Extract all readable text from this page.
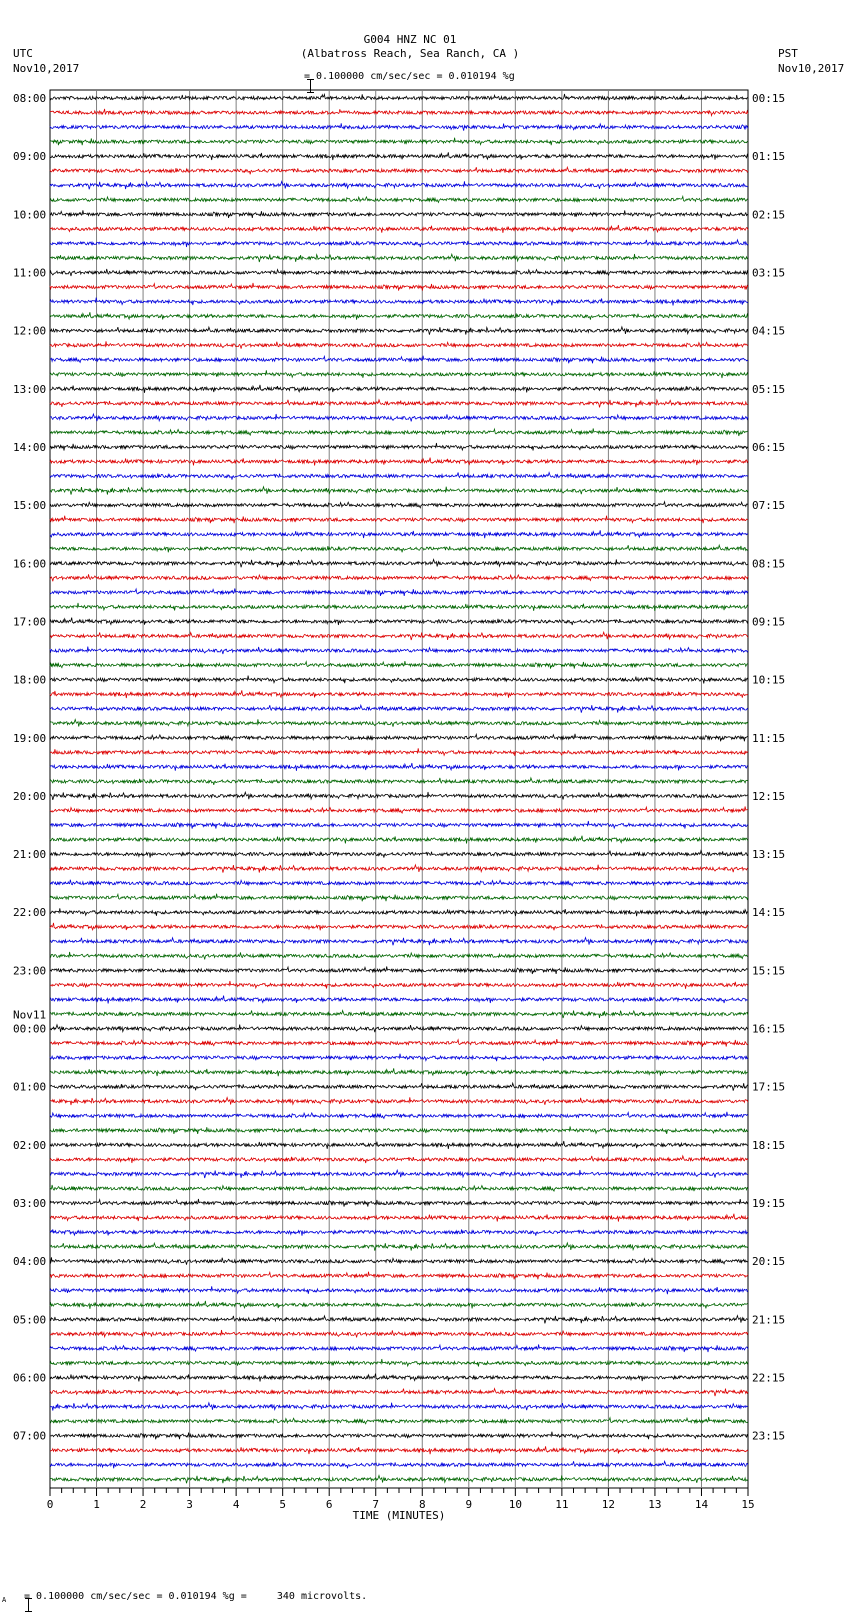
G004 HNZ NC 01
(Albatross Reach, Sea Ranch, CA )
UTC
Nov10,2017
PST
Nov10,2017

= 0.100000 cm/sec/sec = 0.010194 %g
08:00
09:00
10:00
11:00
12:00
13:00
14:00
15:00
16:00
17:00
18:00
19:00
20:00
21:00
22:00
23:00
Nov11
00:00
01:00
02:00
03:00
04:00
05:00
06:00
07:00
00:15
01:15
02:15
03:15
04:15
05:15
06:15
07:15
08:15
09:15
10:15
11:15
12:15
13:15
14:15
15:15
16:15
17:15
18:15
19:15
20:15
21:15
22:15
23:15
0	1	2	3	4	5	6	7	8	9	10	11	12	13	14	15
TIME (MINUTES)
A

= 0.100000 cm/sec/sec = 0.010194 %g =     340 microvolts.
